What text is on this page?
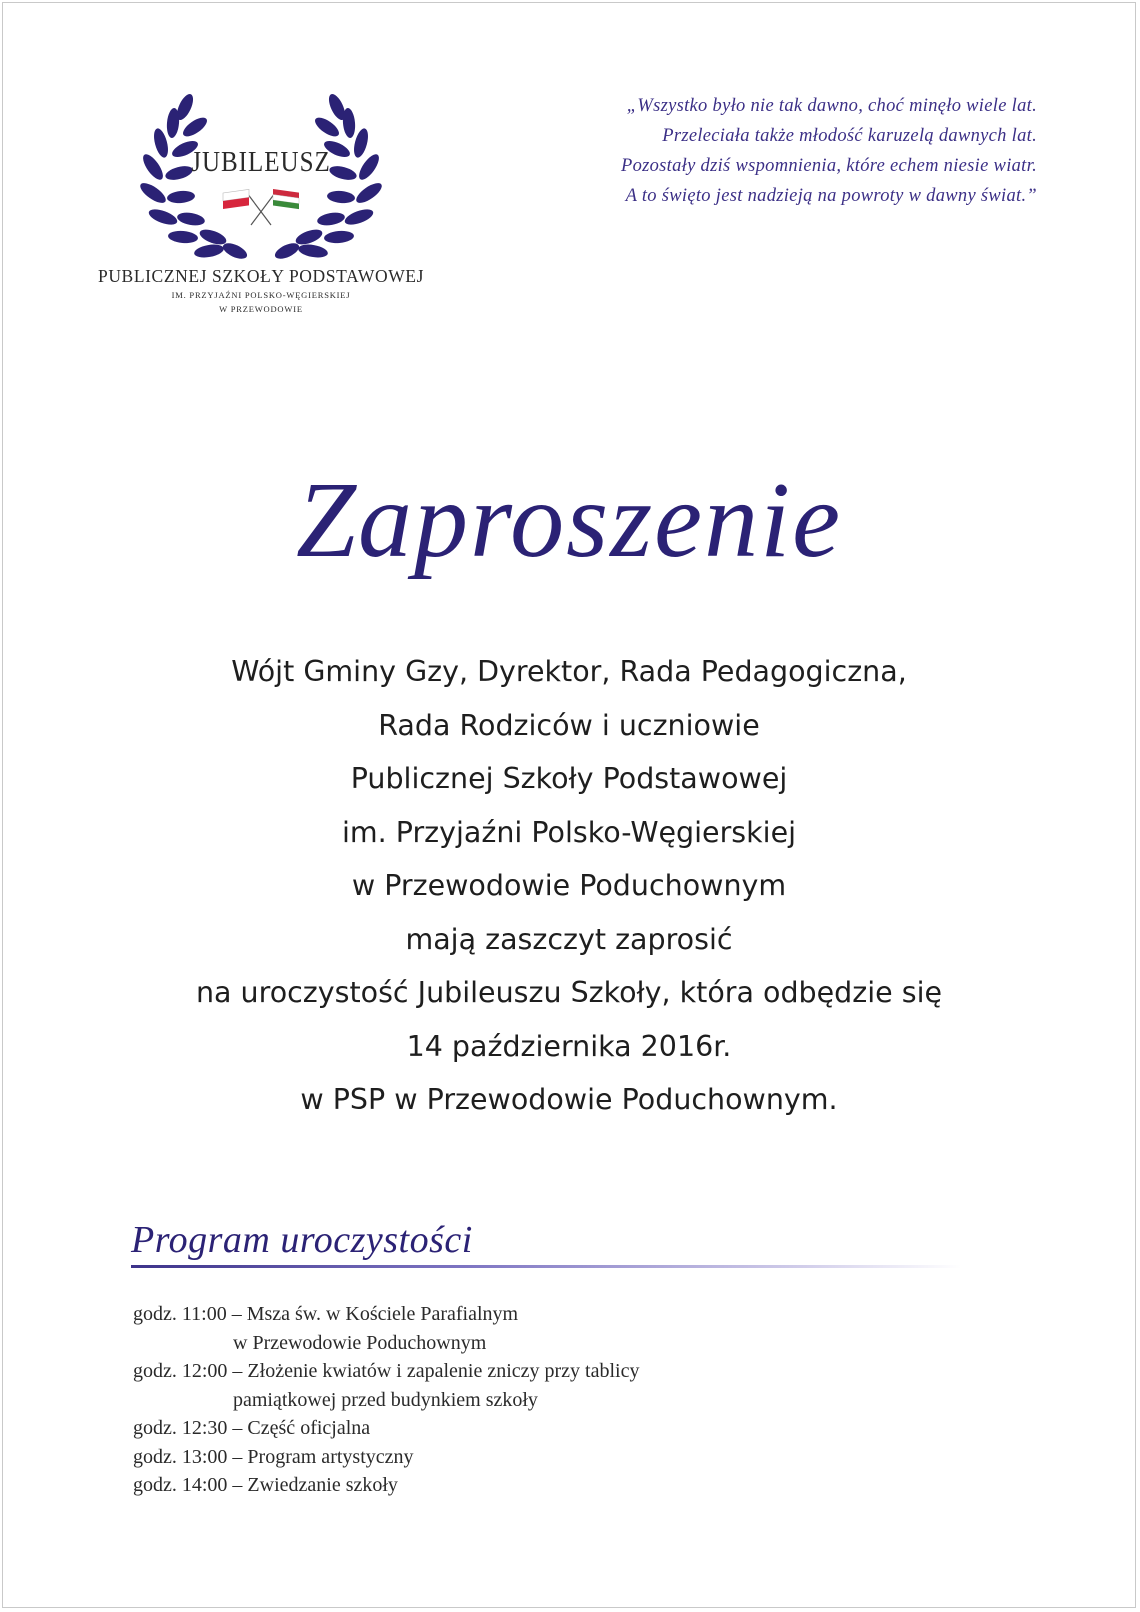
JUBILEUSZ
PUBLICZNEJ SZKOŁY PODSTAWOWEJ
IM. PRZYJAŹNI POLSKO-WĘGIERSKIEJ
W PRZEWODOWIE
„Wszystko było nie tak dawno, choć minęło wiele lat.
Przeleciała także młodość karuzelą dawnych lat.
Pozostały dziś wspomnienia, które echem niesie wiatr.
A to święto jest nadzieją na powroty w dawny świat.”
Zaproszenie
Wójt Gminy Gzy, Dyrektor, Rada Pedagogiczna,
Rada Rodziców i uczniowie
Publicznej Szkoły Podstawowej
im. Przyjaźni Polsko-Węgierskiej
w Przewodowie Poduchownym
mają zaszczyt zaprosić
na uroczystość Jubileuszu Szkoły, która odbędzie się
14 października 2016r.
w PSP w Przewodowie Poduchownym.
Program uroczystości
godz. 11:00 – Msza św. w Kościele Parafialnym
w Przewodowie Poduchownym
godz. 12:00 – Złożenie kwiatów i zapalenie zniczy przy tablicy
pamiątkowej przed budynkiem szkoły
godz. 12:30 – Część oficjalna
godz. 13:00 – Program artystyczny
godz. 14:00 – Zwiedzanie szkoły
